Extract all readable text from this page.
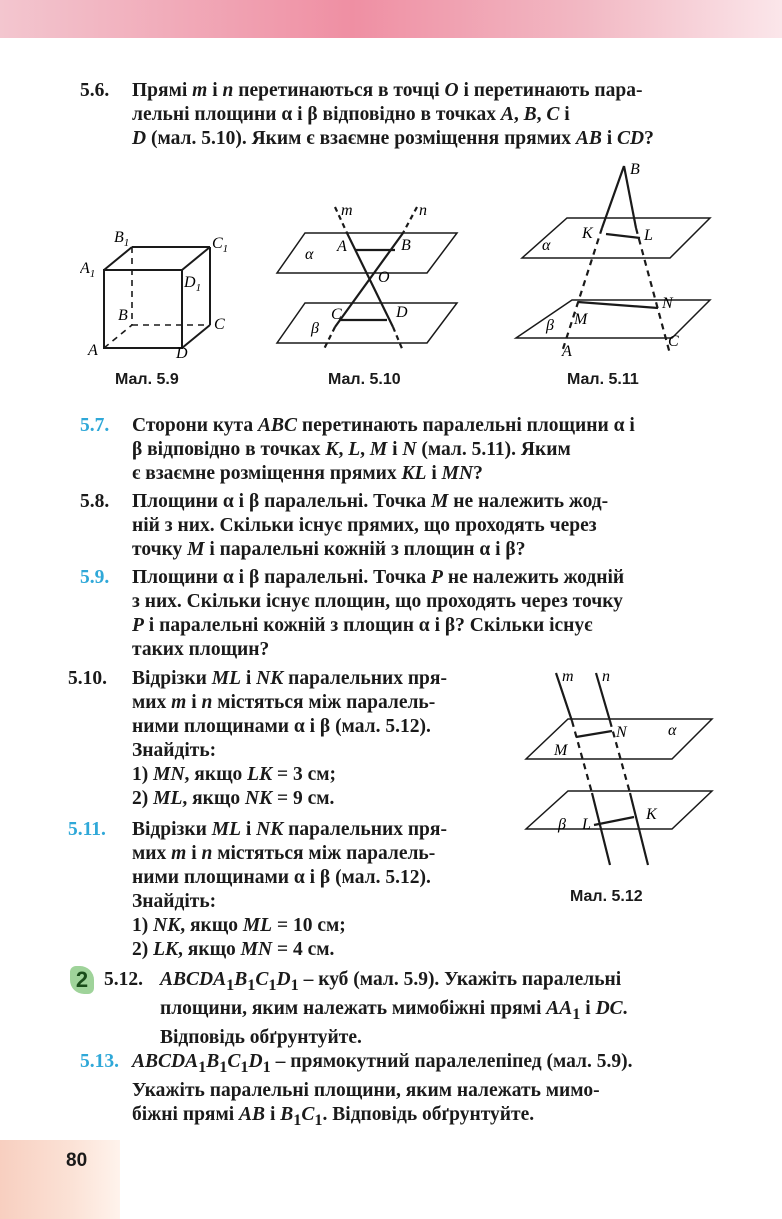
80
5.6. Прямі m і n перетинаються в точці O і перетинають пара-

лельні площини α і β відповідно в точках A, B, C і

D (мал. 5.10). Яким є взаємне розміщення прямих AB і CD?

$B_1$	$C_1$
$A_1$	$D_1$
B
C
A	D
Мал. 5.9
m	n
α A	B
O
β
C	D
Мал. 5.10
B
α
K	L
β M
N
A
C
Мал. 5.11
5.7. Сторони кута ABC перетинають паралельні площини α і

β відповідно в точках K, L, M і N (мал. 5.11). Яким

є взаємне розміщення прямих KL і MN?

5.8. Площини α і β паралельні. Точка M не належить жод-

ній з них. Скільки існує прямих, що проходять через

точку M і паралельні кожній з площин α і β?

5.9. Площини α і β паралельні. Точка P не належить жодній

з них. Скільки існує площин, що проходять через точку

P і паралельні кожній з площин α і β? Скільки існує

таких площин?

5.10. Відрізки ML і NK паралельних пря-

мих m і n містяться між паралель-

ними площинами α і β (мал. 5.12).

Знайдіть:

1) MN, якщо LK = 3 см;

2) ML, якщо NK = 9 см.

5.11. Відрізки ML і NK паралельних пря-

мих m і n містяться між паралель-

ними площинами α і β (мал. 5.12).

Знайдіть:

1) NK, якщо ML = 10 см;

2) LK, якщо MN = 4 см.

m n
α
M
N
β L
K
Мал. 5.12
2 5.12. $ABCDA_1B_1C_1D_1$ – куб (мал. 5.9). Укажіть паралельні

площини, яким належать мимобіжні прямі $AA_1$ і DC.

Відповідь обґрунтуйте.

5.13. $ABCDA_1B_1C_1D_1$ – прямокутний паралелепіпед (мал. 5.9).

Укажіть паралельні площини, яким належать мимо-

біжні прямі AB і $B_1C_1$. Відповідь обґрунтуйте.
